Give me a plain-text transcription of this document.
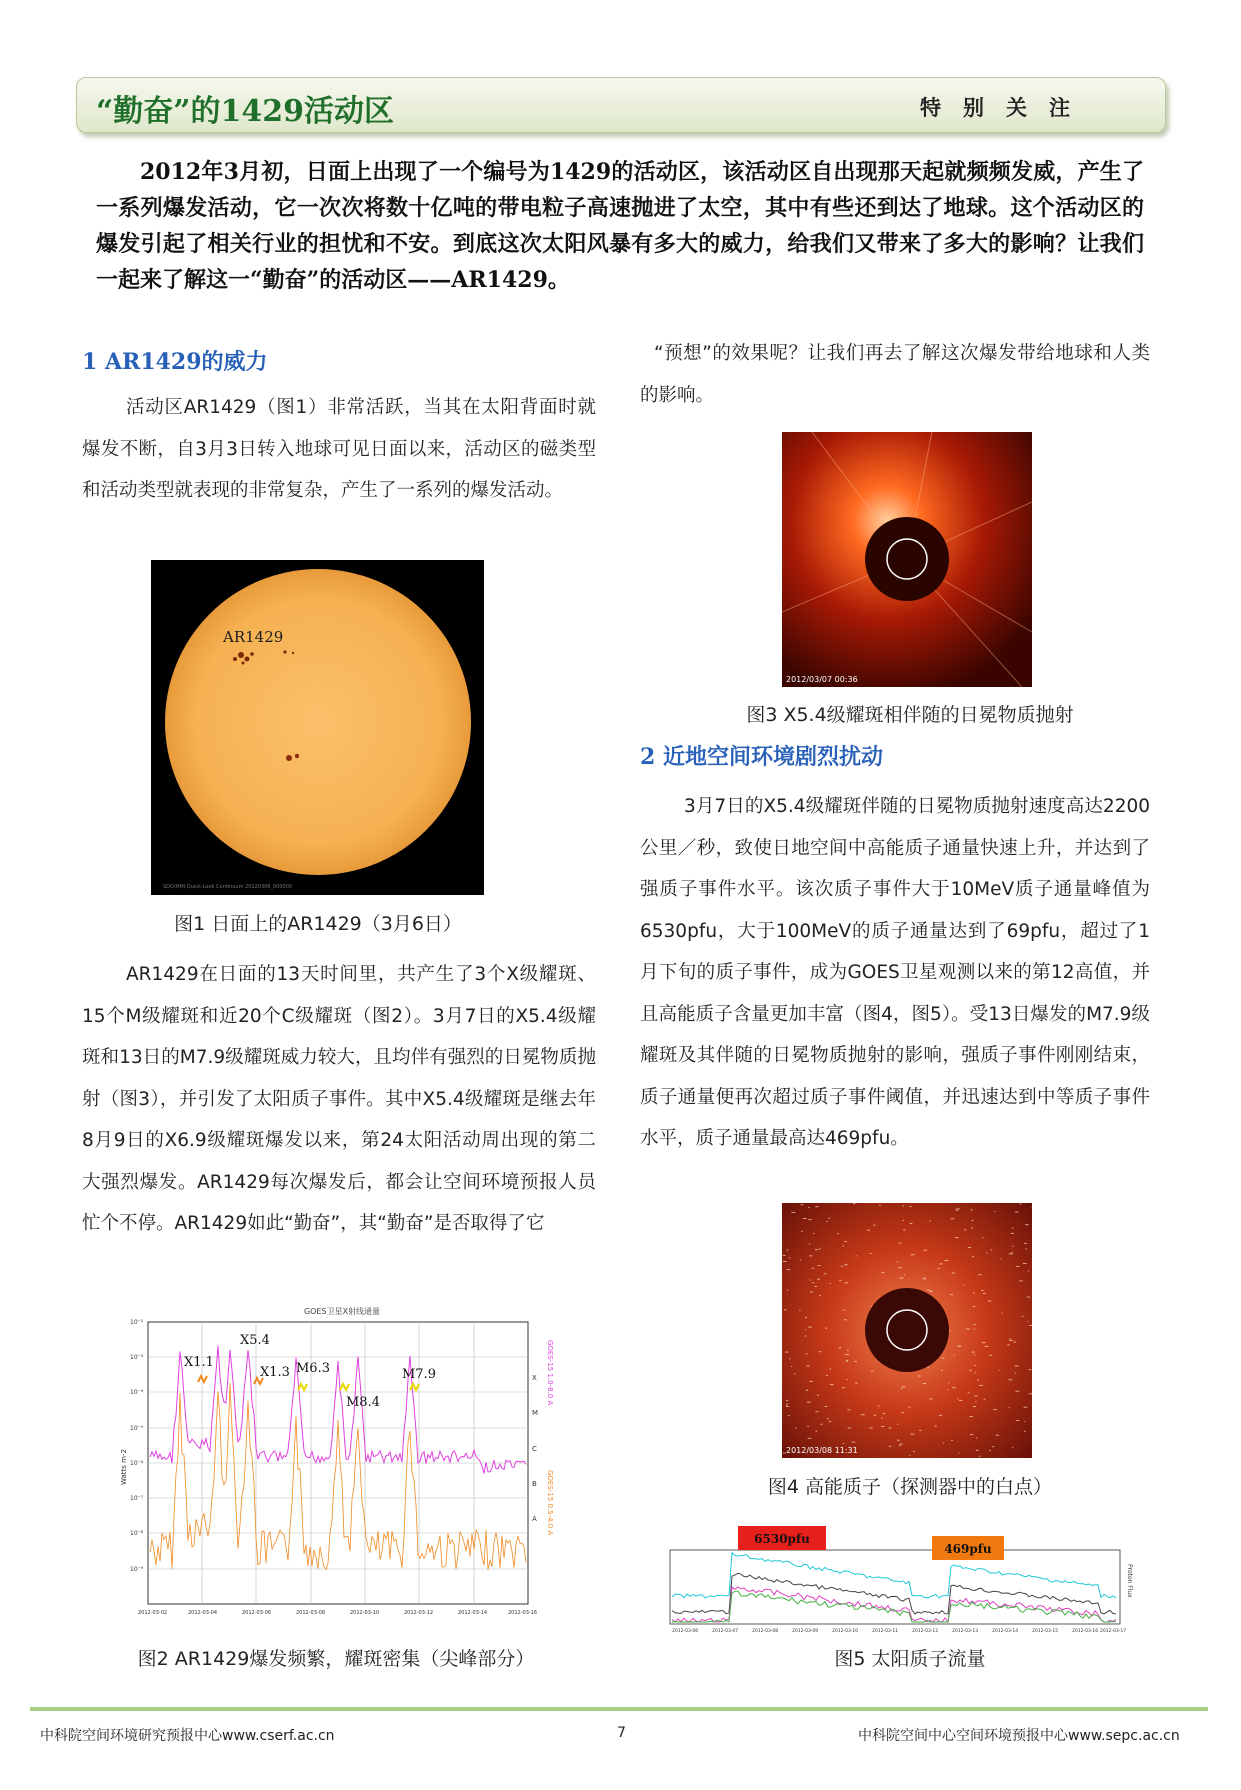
“勤奋”的1429活动区	特别关注

2012年3月初，日面上出现了一个编号为1429的活动区，该活动区自出现那天起就频频发威，产生了一系列爆发活动，它一次次将数十亿吨的带电粒子高速抛进了太空，其中有些还到达了地球。这个活动区的爆发引起了相关行业的担忧和不安。到底这次太阳风暴有多大的威力，给我们又带来了多大的影响？让我们一起来了解这一“勤奋”的活动区——AR1429。

1 AR1429的威力

活动区AR1429（图1）非常活跃，当其在太阳背面时就爆发不断，自3月3日转入地球可见日面以来，活动区的磁类型和活动类型就表现的非常复杂，产生了一系列的爆发活动。

AR1429
SDO/HMI Quick-Look Continuum 20120306_000000
图1 日面上的AR1429（3月6日）

AR1429在日面的13天时间里，共产生了3个X级耀斑、15个M级耀斑和近20个C级耀斑（图2）。3月7日的X5.4级耀斑和13日的M7.9级耀斑威力较大，且均伴有强烈的日冕物质抛射（图3），并引发了太阳质子事件。其中X5.4级耀斑是继去年8月9日的X6.9级耀斑爆发以来，第24太阳活动周出现的第二大强烈爆发。AR1429每次爆发后，都会让空间环境预报人员忙个不停。AR1429如此“勤奋”，其“勤奋”是否取得了它

GOES卫星X射线通量
10⁻²
10⁻³
10⁻⁴
10⁻⁵
10⁻⁶
10⁻⁷
10⁻⁸
10⁻⁹
Watts m-2
X
M
C
B
A
GOES-15 1.0-8.0 A
GOES-15 0.5-4.0 A
X1.1
X5.4
X1.3 M6.3
M8.4
M7.9
2012-03-02	2012-03-04	2012-03-06	2012-03-08	2012-03-10	2012-03-12	2012-03-14	2012-03-16
图2 AR1429爆发频繁，耀斑密集（尖峰部分）

“预想”的效果呢？让我们再去了解这次爆发带给地球和人类的影响。

2012/03/07 00:36
图3 X5.4级耀斑相伴随的日冕物质抛射
2 近地空间环境剧烈扰动

3月7日的X5.4级耀斑伴随的日冕物质抛射速度高达2200公里／秒，致使日地空间中高能质子通量快速上升，并达到了强质子事件水平。该次质子事件大于10MeV质子通量峰值为6530pfu，大于100MeV的质子通量达到了69pfu，超过了1月下旬的质子事件，成为GOES卫星观测以来的第12高值，并且高能质子含量更加丰富（图4，图5）。受13日爆发的M7.9级耀斑及其伴随的日冕物质抛射的影响，强质子事件刚刚结束，质子通量便再次超过质子事件阈值，并迅速达到中等质子事件水平，质子通量最高达469pfu。

2012/03/08 11:31
图4 高能质子（探测器中的白点）
6530pfu
469pfu
Proton Flux
2012-03-06	2012-03-07	2012-03-08	2012-03-09	2012-03-10	2012-03-11	2012-03-12	2012-03-13	2012-03-14	2012-03-15	2012-03-16 2012-03-17
图5 太阳质子流量
中科院空间环境研究预报中心www.cserf.ac.cn	7	中科院空间中心空间环境预报中心www.sepc.ac.cn
